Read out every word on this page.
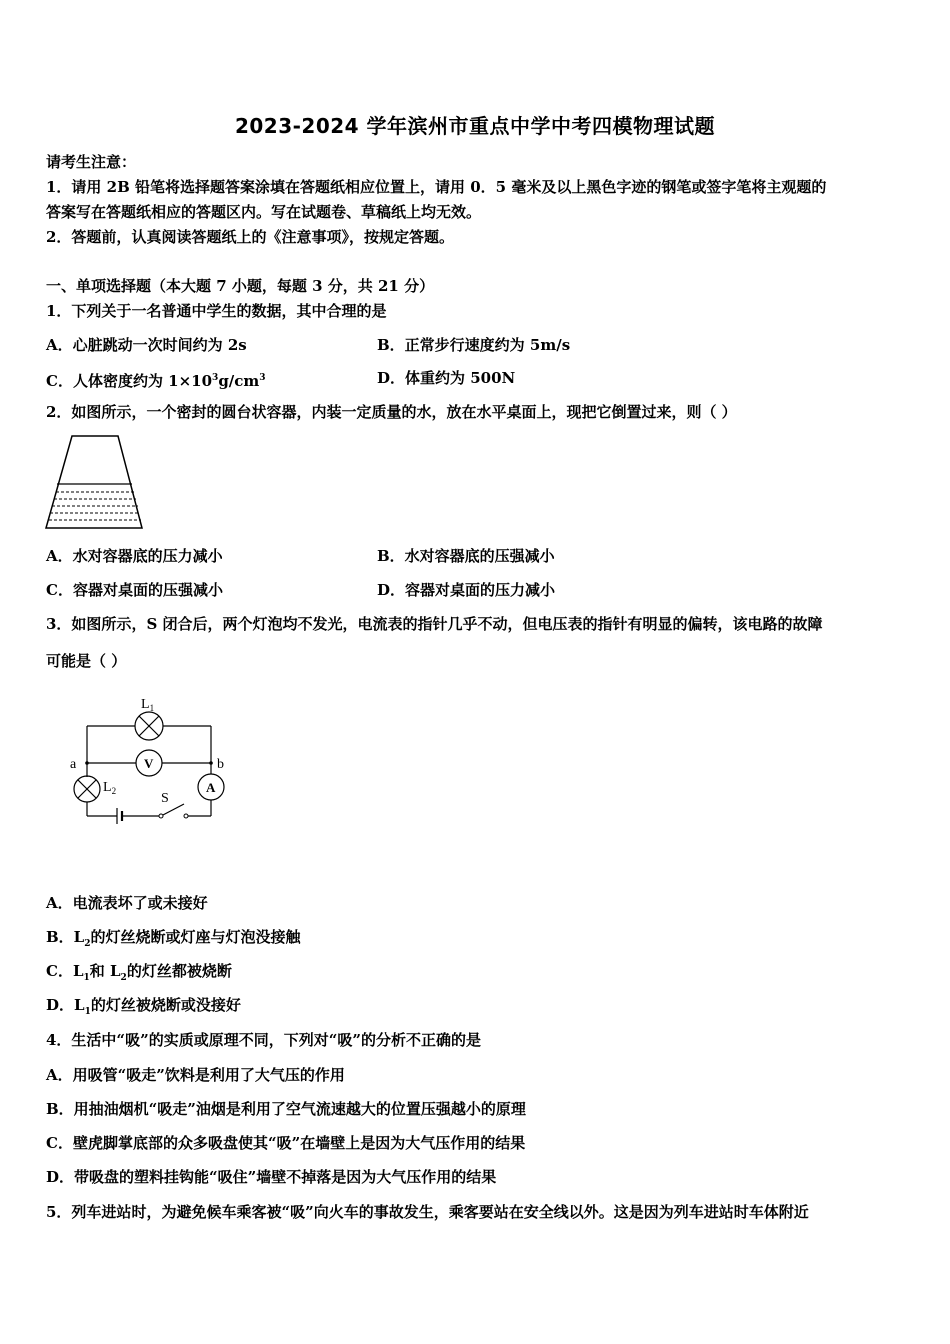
2023-2024 学年滨州市重点中学中考四模物理试题
请考生注意：
1．请用 2B 铅笔将选择题答案涂填在答题纸相应位置上，请用 0．5 毫米及以上黑色字迹的钢笔或签字笔将主观题的
答案写在答题纸相应的答题区内。写在试题卷、草稿纸上均无效。
2．答题前，认真阅读答题纸上的《注意事项》，按规定答题。
一、单项选择题（本大题 7 小题，每题 3 分，共 21 分）
1．下列关于一名普通中学生的数据，其中合理的是
A．心脏跳动一次时间约为 2s	B．正常步行速度约为 5m/s
C．人体密度约为 $1\times 10^3g/cm^3$	D．体重约为 500N
2．如图所示，一个密封的圆台状容器，内装一定质量的水，放在水平桌面上，现把它倒置过来，则（ ）
A．水对容器底的压力减小	B．水对容器底的压强减小
C．容器对桌面的压强减小	D．容器对桌面的压力减小
3．如图所示，S 闭合后，两个灯泡均不发光，电流表的指针几乎不动，但电压表的指针有明显的偏转，该电路的故障
可能是（ ）
$L_1$
V
a	b
$L_2$	A
S
A．电流表坏了或未接好
B．$L_2$的灯丝烧断或灯座与灯泡没接触
C．$L_1$和 $L_2$的灯丝都被烧断
D．$L_1$的灯丝被烧断或没接好
4．生活中“吸”的实质或原理不同，下列对“吸”的分析不正确的是
A．用吸管“吸走”饮料是利用了大气压的作用
B．用抽油烟机“吸走”油烟是利用了空气流速越大的位置压强越小的原理
C．壁虎脚掌底部的众多吸盘使其“吸”在墙壁上是因为大气压作用的结果
D．带吸盘的塑料挂钩能“吸住”墙壁不掉落是因为大气压作用的结果
5．列车进站时，为避免候车乘客被“吸”向火车的事故发生，乘客要站在安全线以外。这是因为列车进站时车体附近
